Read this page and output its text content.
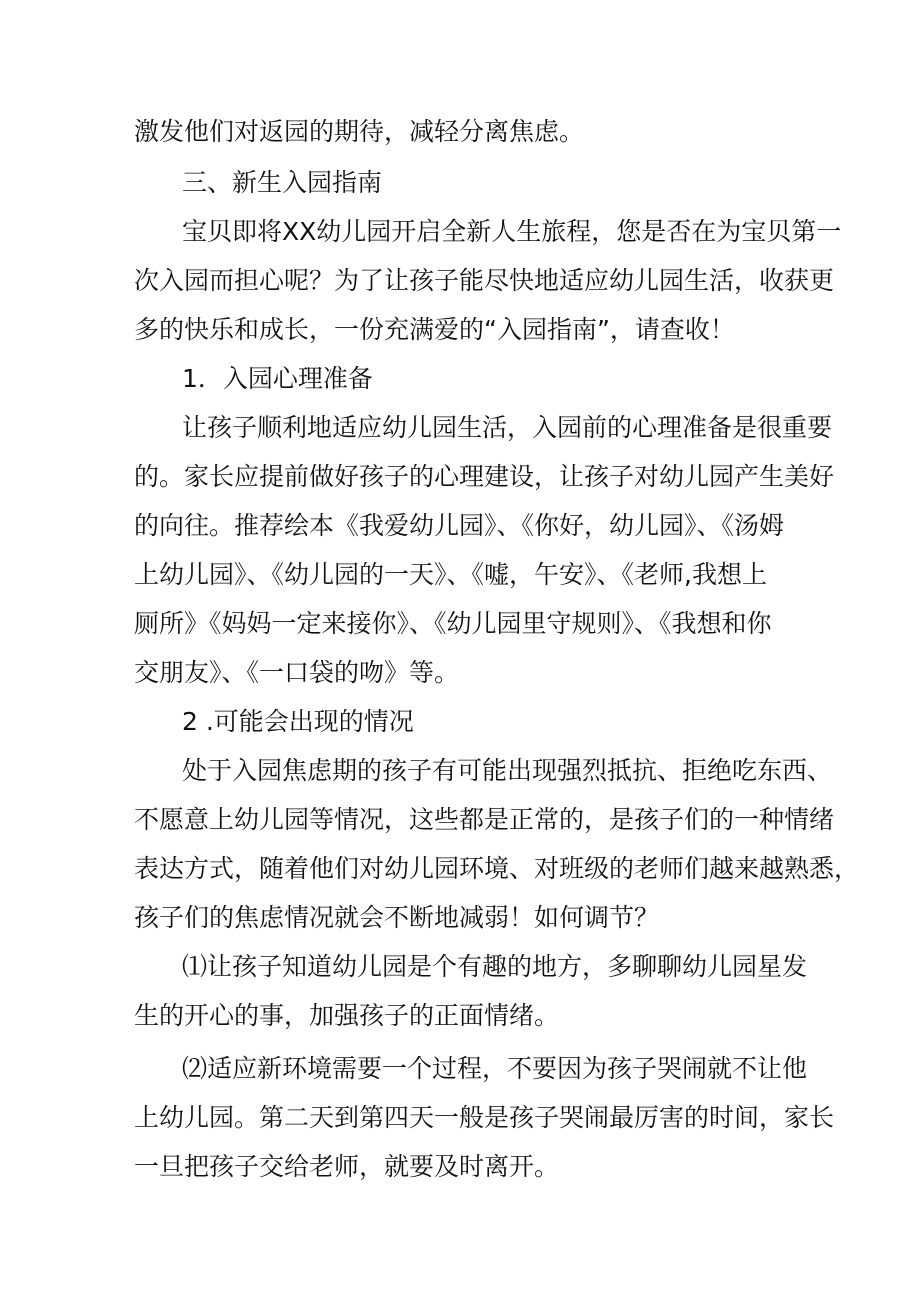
激发他们对返园的期待，减轻分离焦虑。
三、新生入园指南
宝贝即将XX幼儿园开启全新人生旅程，您是否在为宝贝第一
次入园而担心呢？为了让孩子能尽快地适应幼儿园生活，收获更
多的快乐和成长，一份充满爱的“入园指南”，请查收！
1．入园心理准备
让孩子顺利地适应幼儿园生活，入园前的心理准备是很重要
的。家长应提前做好孩子的心理建设，让孩子对幼儿园产生美好
的向往。推荐绘本《我爱幼儿园》、《你好，幼儿园》、《汤姆
上幼儿园》、《幼儿园的一天》、《嘘，午安》、《老师,我想上
厕所》《妈妈一定来接你》、《幼儿园里守规则》、《我想和你
交朋友》、《一口袋的吻》等。
2 .可能会出现的情况
处于入园焦虑期的孩子有可能出现强烈抵抗、拒绝吃东西、
不愿意上幼儿园等情况，这些都是正常的，是孩子们的一种情绪
表达方式，随着他们对幼儿园环境、对班级的老师们越来越熟悉，
孩子们的焦虑情况就会不断地减弱！如何调节？
⑴让孩子知道幼儿园是个有趣的地方，多聊聊幼儿园星发
生的开心的事，加强孩子的正面情绪。
⑵适应新环境需要一个过程，不要因为孩子哭闹就不让他
上幼儿园。第二天到第四天一般是孩子哭闹最厉害的时间，家长
一旦把孩子交给老师，就要及时离开。
